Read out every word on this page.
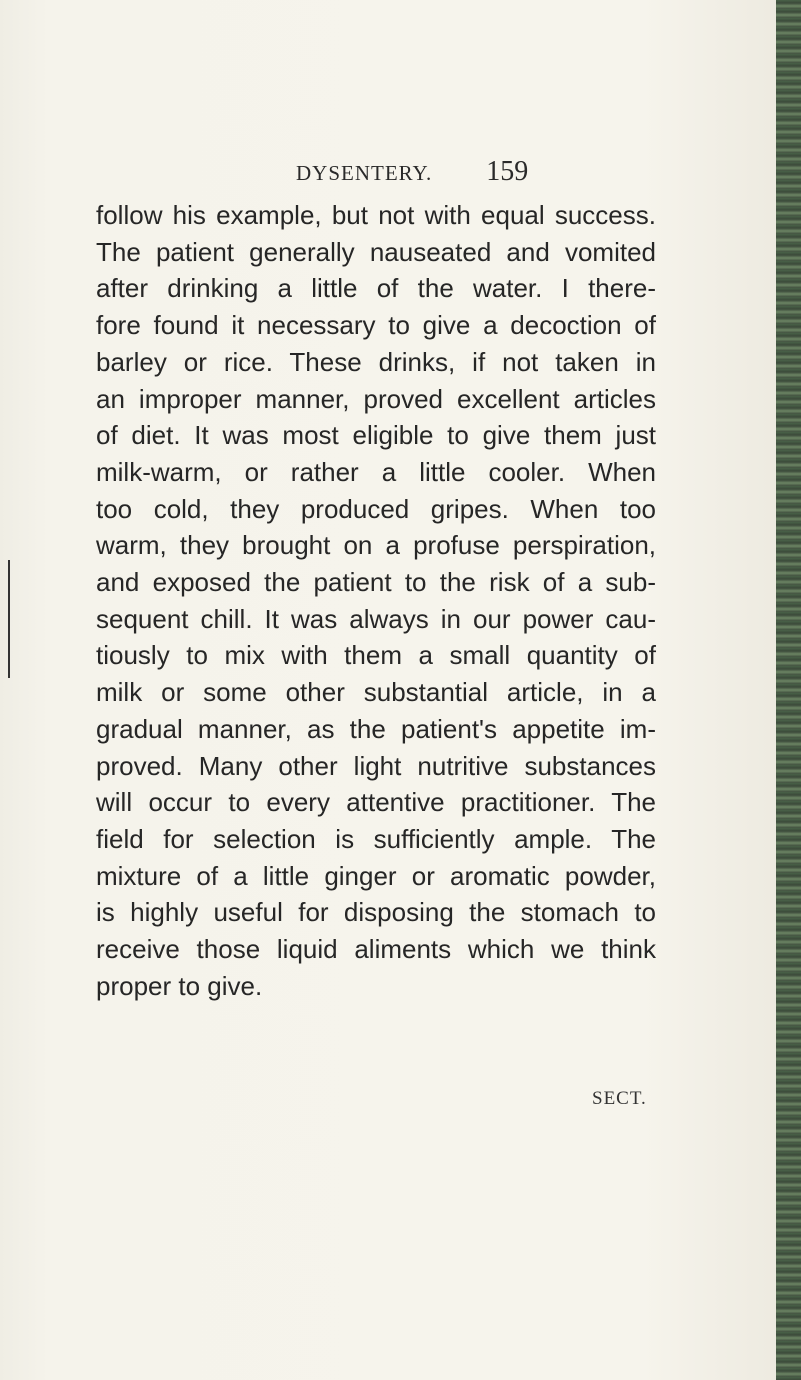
DYSENTERY. 159
follow his example, but not with equal success.
The patient generally nauseated and vomited
after drinking a little of the water. I there-
fore found it necessary to give a decoction of
barley or rice. These drinks, if not taken in
an improper manner, proved excellent articles
of diet. It was most eligible to give them just
milk-warm, or rather a little cooler. When
too cold, they produced gripes. When too
warm, they brought on a profuse perspiration,
and exposed the patient to the risk of a sub-
sequent chill. It was always in our power cau-
tiously to mix with them a small quantity of
milk or some other substantial article, in a
gradual manner, as the patient's appetite im-
proved. Many other light nutritive substances
will occur to every attentive practitioner. The
field for selection is sufficiently ample. The
mixture of a little ginger or aromatic powder,
is highly useful for disposing the stomach to
receive those liquid aliments which we think
proper to give.
SECT.
